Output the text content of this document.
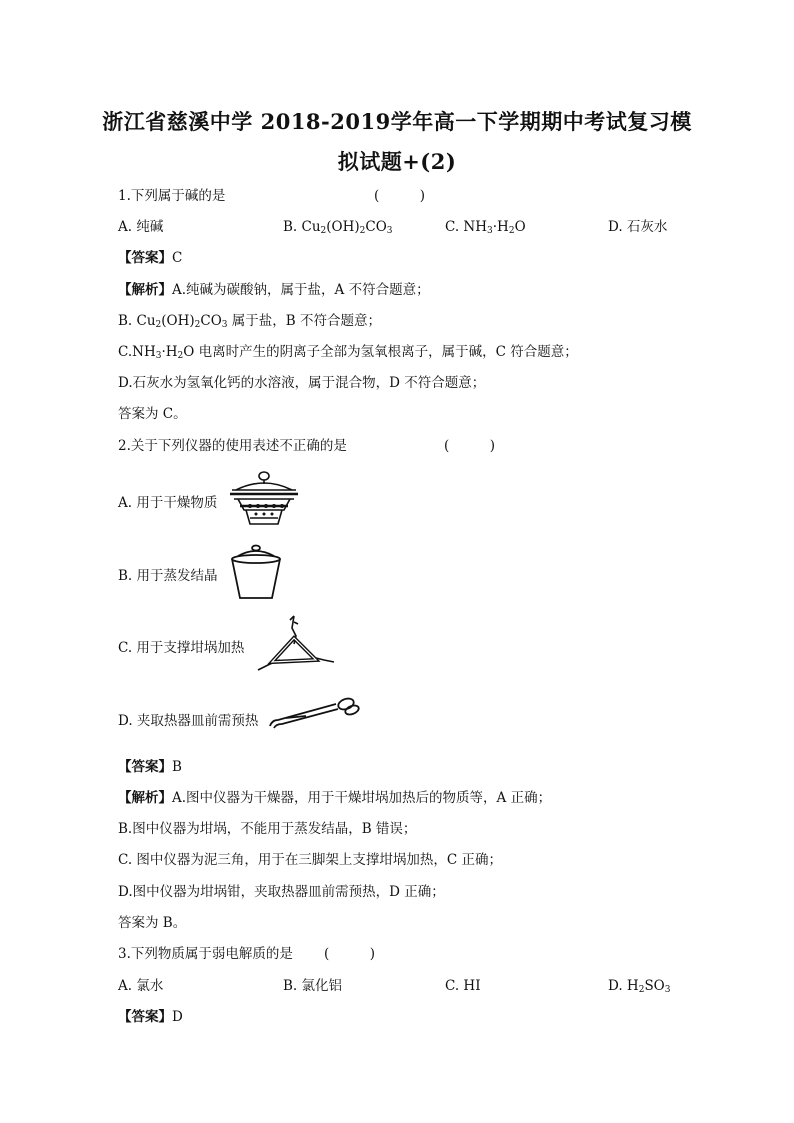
浙江省慈溪中学 2018-2019学年高一下学期期中考试复习模
拟试题+(2)
1.下列属于碱的是	(　　　)
A. 纯碱	B. $Cu_2(OH)_2CO_3$	C. $NH_3\cdot H_2O$	D. 石灰水
【答案】C
【解析】A.纯碱为碳酸钠，属于盐，A 不符合题意；
B. $Cu_2(OH)_2CO_3$ 属于盐，B 不符合题意；
$C.NH_3\cdot H_2O$ 电离时产生的阴离子全部为氢氧根离子，属于碱，C 符合题意；
D.石灰水为氢氧化钙的水溶液，属于混合物，D 不符合题意；
答案为 C。
2.关于下列仪器的使用表述不正确的是	(　　　)
A. 用于干燥物质
B. 用于蒸发结晶
C. 用于支撑坩埚加热
D. 夹取热器皿前需预热
【答案】B
【解析】A.图中仪器为干燥器，用于干燥坩埚加热后的物质等，A 正确；
B.图中仪器为坩埚，不能用于蒸发结晶，B 错误；
C. 图中仪器为泥三角，用于在三脚架上支撑坩埚加热，C 正确；
D.图中仪器为坩埚钳，夹取热器皿前需预热，D 正确；
答案为 B。
3.下列物质属于弱电解质的是 (　　　)
A. 氯水	B. 氯化铝	C. HI	D. $H_2SO_3$
【答案】D
